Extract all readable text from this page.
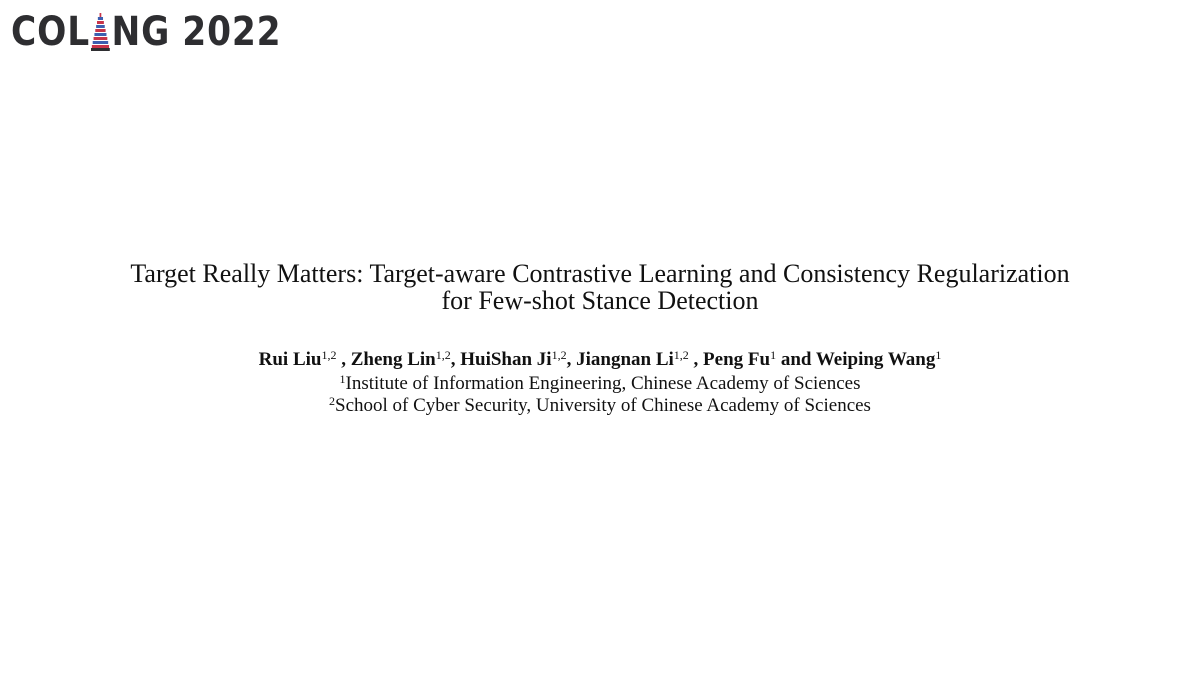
COL NG 2022
Target Really Matters: Target-aware Contrastive Learning and Consistency Regularization
for Few-shot Stance Detection
Rui Liu$^{1,2}$ , Zheng Lin$^{1,2}$, HuiShan Ji$^{1,2}$, Jiangnan Li$^{1,2}$ , Peng Fu$^1$ and Weiping Wang$^1$
$^1$Institute of Information Engineering, Chinese Academy of Sciences
$^2$School of Cyber Security, University of Chinese Academy of Sciences
